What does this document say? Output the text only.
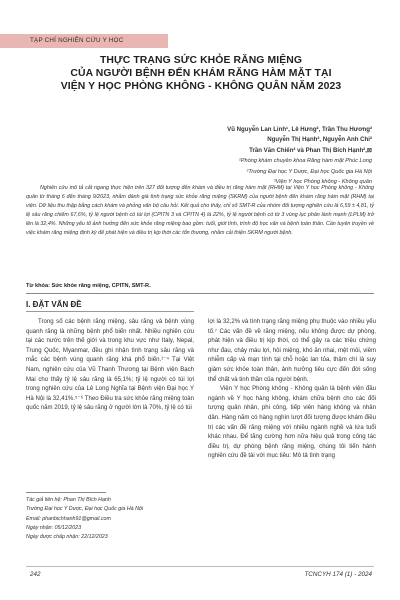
TẠP CHÍ NGHIÊN CỨU Y HỌC
THỰC TRẠNG SỨC KHỎE RĂNG MIỆNG
CỦA NGƯỜI BỆNH ĐẾN KHÁM RĂNG HÀM MẶT TẠI
VIỆN Y HỌC PHÒNG KHÔNG - KHÔNG QUÂN NĂM 2023
Vũ Nguyễn Lan Linh¹, Lê Hưng², Trần Thu Hương²
Nguyễn Thị Hạnh², Nguyễn Anh Chi²
Trần Văn Chiến² và Phan Thị Bích Hạnh²,⊠
¹Phòng khám chuyên khoa Răng hàm mặt Phúc Long
²Trường Đại học Y Dược, Đại học Quốc gia Hà Nội
³Viện Y học Phòng không - Không quân
Nghiên cứu mô tả cắt ngang thực hiện trên 327 đối tượng đến khám và điều trị răng hàm mặt (RHM) tại Viện Y học Phòng không - Không quân từ tháng 6 đến tháng 9/2023, nhằm đánh giá tình trạng sức khỏe răng miệng (SKRM) của người bệnh đến khám răng hàm mặt (RHM) tại viện. Dữ liệu thu thập bằng cách khám và phỏng vấn bộ câu hỏi. Kết quả cho thấy, chỉ số SMT-R của nhóm đối tượng nghiên cứu là 6,59 ± 4,81, tỷ lệ sâu răng chiếm 67,6%, tỷ lệ người bệnh có túi lợi (CPITN 3 và CPITN 4) là 22%, tỷ lệ người bệnh có từ 3 vùng lục phân lành mạnh (LPLM) trở lên là 32,4%. Những yếu tố ảnh hưởng đến sức khỏe răng miệng bao gồm: tuổi, giới tính, trình độ học vấn và bệnh toàn thân. Cần tuyên truyền về việc khám răng miệng định kỳ để phát hiện và điều trị kịp thời các tổn thương, nhằm cải thiện SKRM người bệnh.
Từ khóa: Sức khỏe răng miệng, CPITN, SMT-R.
I. ĐẶT VẤN ĐỀ

Trong số các bệnh răng miệng, sâu răng và bệnh vùng quanh răng là những bệnh phổ biến nhất. Nhiều nghiên cứu tại các nước trên thế giới và trong khu vực như Italy, Nepal, Trung Quốc, Myanmar, đều ghi nhận tình trạng sâu răng và mắc các bệnh vùng quanh răng khá phổ biến.¹⁻⁴ Tại Việt Nam, nghiên cứu của Vũ Thanh Thương tại Bệnh viện Bạch Mai cho thấy tỷ lệ sâu răng là 65,1%; tỷ lệ người có túi lợi trong nghiên cứu của Lê Long Nghĩa tại Bệnh viện Đại học Y Hà Nội là 32,41%.⁵⁻⁶ Theo Điều tra sức khỏe răng miệng toàn quốc năm 2019, tỷ lệ sâu răng ở người lớn là 70%, tỷ lệ có túi

lợi là 32,2% và tình trạng răng miệng phụ thuộc vào nhiều yếu tố.⁷ Các vấn đề về răng miệng, nếu không được dự phòng, phát hiện và điều trị kịp thời, có thể gây ra các triệu chứng như đau, chảy máu lợi, hôi miệng, khó ăn nhai, mệt mỏi, viêm nhiễm cấp và mạn tính tại chỗ hoặc lan tỏa, thậm chí là suy giảm sức khỏe toàn thân, ảnh hưởng tiêu cực đến đời sống thể chất và tinh thần của người bệnh.

Viện Y học Phòng không - Không quân là bệnh viện đầu ngành về Y học hàng không, khám chữa bệnh cho các đối tượng quân nhân, phi công, tiếp viên hàng không và nhân dân. Hàng năm có hàng nghìn lượt đối tượng được khám điều trị các vấn đề răng miệng với nhiều ngành nghề và lứa tuổi khác nhau. Để tăng cường hơn nữa hiệu quả trong công tác điều trị, dự phòng bệnh răng miệng, chúng tôi tiến hành nghiên cứu đề tài với mục tiêu: Mô tả tình trạng

Tác giả liên hệ: Phan Thị Bích Hạnh
Trường Đại học Y Dược, Đại học Quốc gia Hà Nội
Email: phanbichhanh91@gmail.com
Ngày nhận: 05/12/2023
Ngày được chấp nhận: 22/12/2023
242	TCNCYH 174 (1) - 2024
